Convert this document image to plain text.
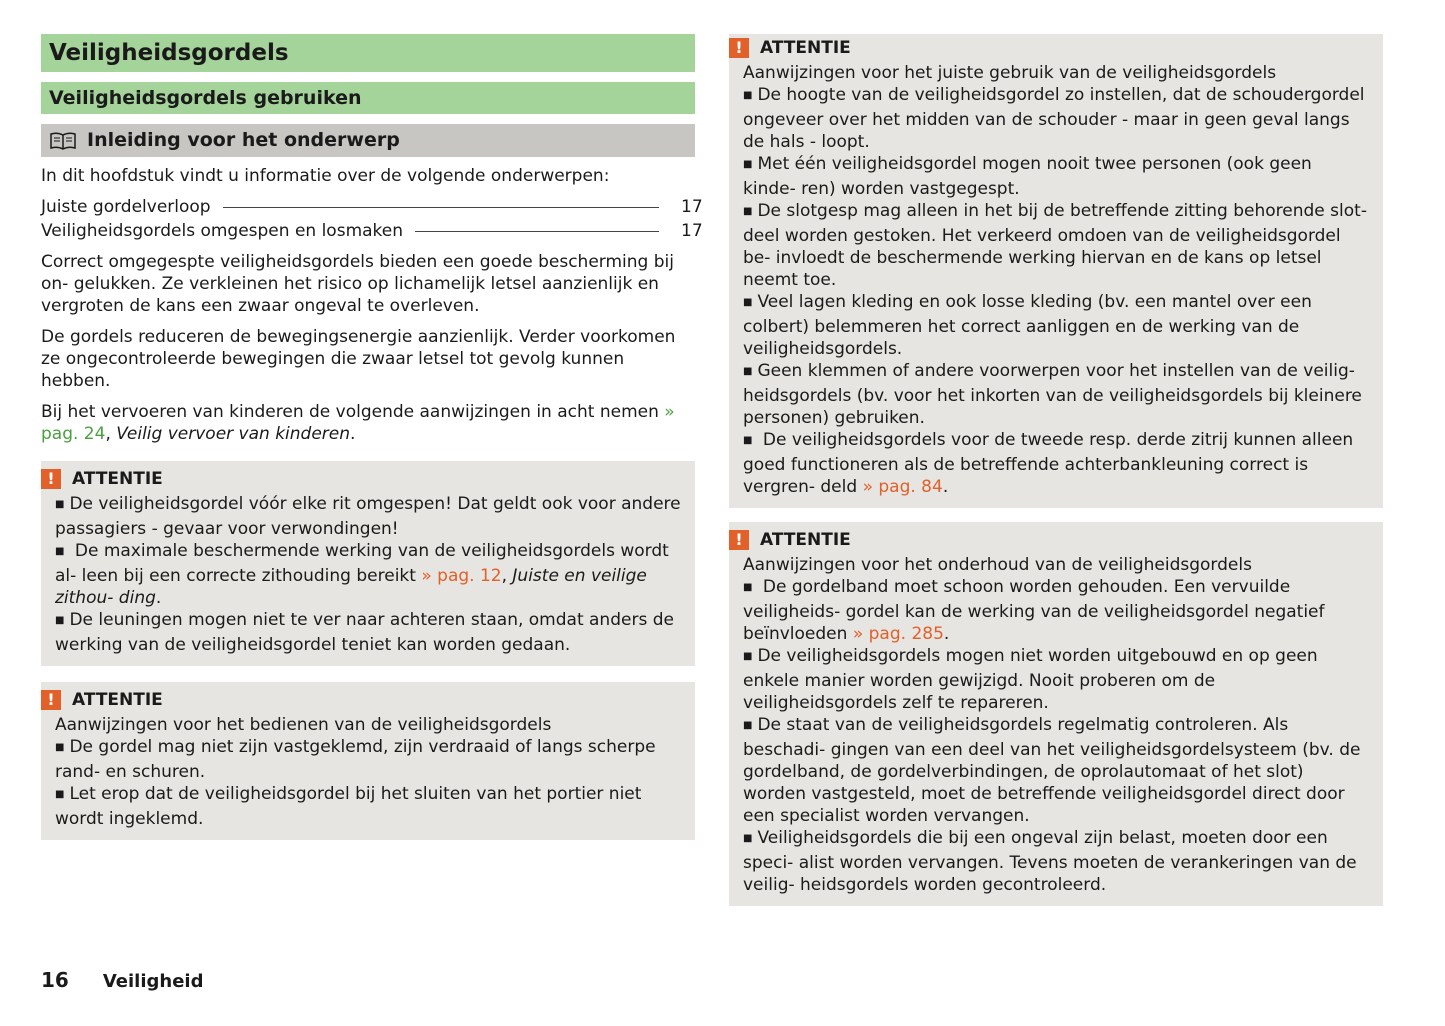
Veiligheidsgordels
Veiligheidsgordels gebruiken
Inleiding voor het onderwerp

In dit hoofdstuk vindt u informatie over de volgende onderwerpen:

Juiste gordelverloop	17
Veiligheidsgordels omgespen en losmaken	17

Correct omgegespte veiligheidsgordels bieden een goede bescherming bij on- gelukken. Ze verkleinen het risico op lichamelijk letsel aanzienlijk en vergroten de kans een zwaar ongeval te overleven.

De gordels reduceren de bewegingsenergie aanzienlijk. Verder voorkomen ze ongecontroleerde bewegingen die zwaar letsel tot gevolg kunnen hebben.

Bij het vervoeren van kinderen de volgende aanwijzingen in acht nemen » pag. 24, Veilig vervoer van kinderen.

!	ATTENTIE
■ De veiligheidsgordel vóór elke rit omgespen! Dat geldt ook voor andere passagiers - gevaar voor verwondingen!
■ De maximale beschermende werking van de veiligheidsgordels wordt al- leen bij een correcte zithouding bereikt » pag. 12, Juiste en veilige zithou- ding.
■ De leuningen mogen niet te ver naar achteren staan, omdat anders de werking van de veiligheidsgordel teniet kan worden gedaan.
!	ATTENTIE
Aanwijzingen voor het bedienen van de veiligheidsgordels
■ De gordel mag niet zijn vastgeklemd, zijn verdraaid of langs scherpe rand- en schuren.
■ Let erop dat de veiligheidsgordel bij het sluiten van het portier niet wordt ingeklemd.
!	ATTENTIE
Aanwijzingen voor het juiste gebruik van de veiligheidsgordels
■ De hoogte van de veiligheidsgordel zo instellen, dat de schoudergordel ongeveer over het midden van de schouder - maar in geen geval langs de hals - loopt.
■ Met één veiligheidsgordel mogen nooit twee personen (ook geen kinde- ren) worden vastgegespt.
■ De slotgesp mag alleen in het bij de betreffende zitting behorende slot- deel worden gestoken. Het verkeerd omdoen van de veiligheidsgordel be- invloedt de beschermende werking hiervan en de kans op letsel neemt toe.
■ Veel lagen kleding en ook losse kleding (bv. een mantel over een colbert) belemmeren het correct aanliggen en de werking van de veiligheidsgordels.
■ Geen klemmen of andere voorwerpen voor het instellen van de veilig- heidsgordels (bv. voor het inkorten van de veiligheidsgordels bij kleinere personen) gebruiken.
■ De veiligheidsgordels voor de tweede resp. derde zitrij kunnen alleen goed functioneren als de betreffende achterbankleuning correct is vergren- deld » pag. 84.
!	ATTENTIE
Aanwijzingen voor het onderhoud van de veiligheidsgordels
■ De gordelband moet schoon worden gehouden. Een vervuilde veiligheids- gordel kan de werking van de veiligheidsgordel negatief beïnvloeden » pag. 285.
■ De veiligheidsgordels mogen niet worden uitgebouwd en op geen enkele manier worden gewijzigd. Nooit proberen om de veiligheidsgordels zelf te repareren.
■ De staat van de veiligheidsgordels regelmatig controleren. Als beschadi- gingen van een deel van het veiligheidsgordelsysteem (bv. de gordelband, de gordelverbindingen, de oprolautomaat of het slot) worden vastgesteld, moet de betreffende veiligheidsgordel direct door een specialist worden vervangen.
■ Veiligheidsgordels die bij een ongeval zijn belast, moeten door een speci- alist worden vervangen. Tevens moeten de verankeringen van de veilig- heidsgordels worden gecontroleerd.
16 Veiligheid
